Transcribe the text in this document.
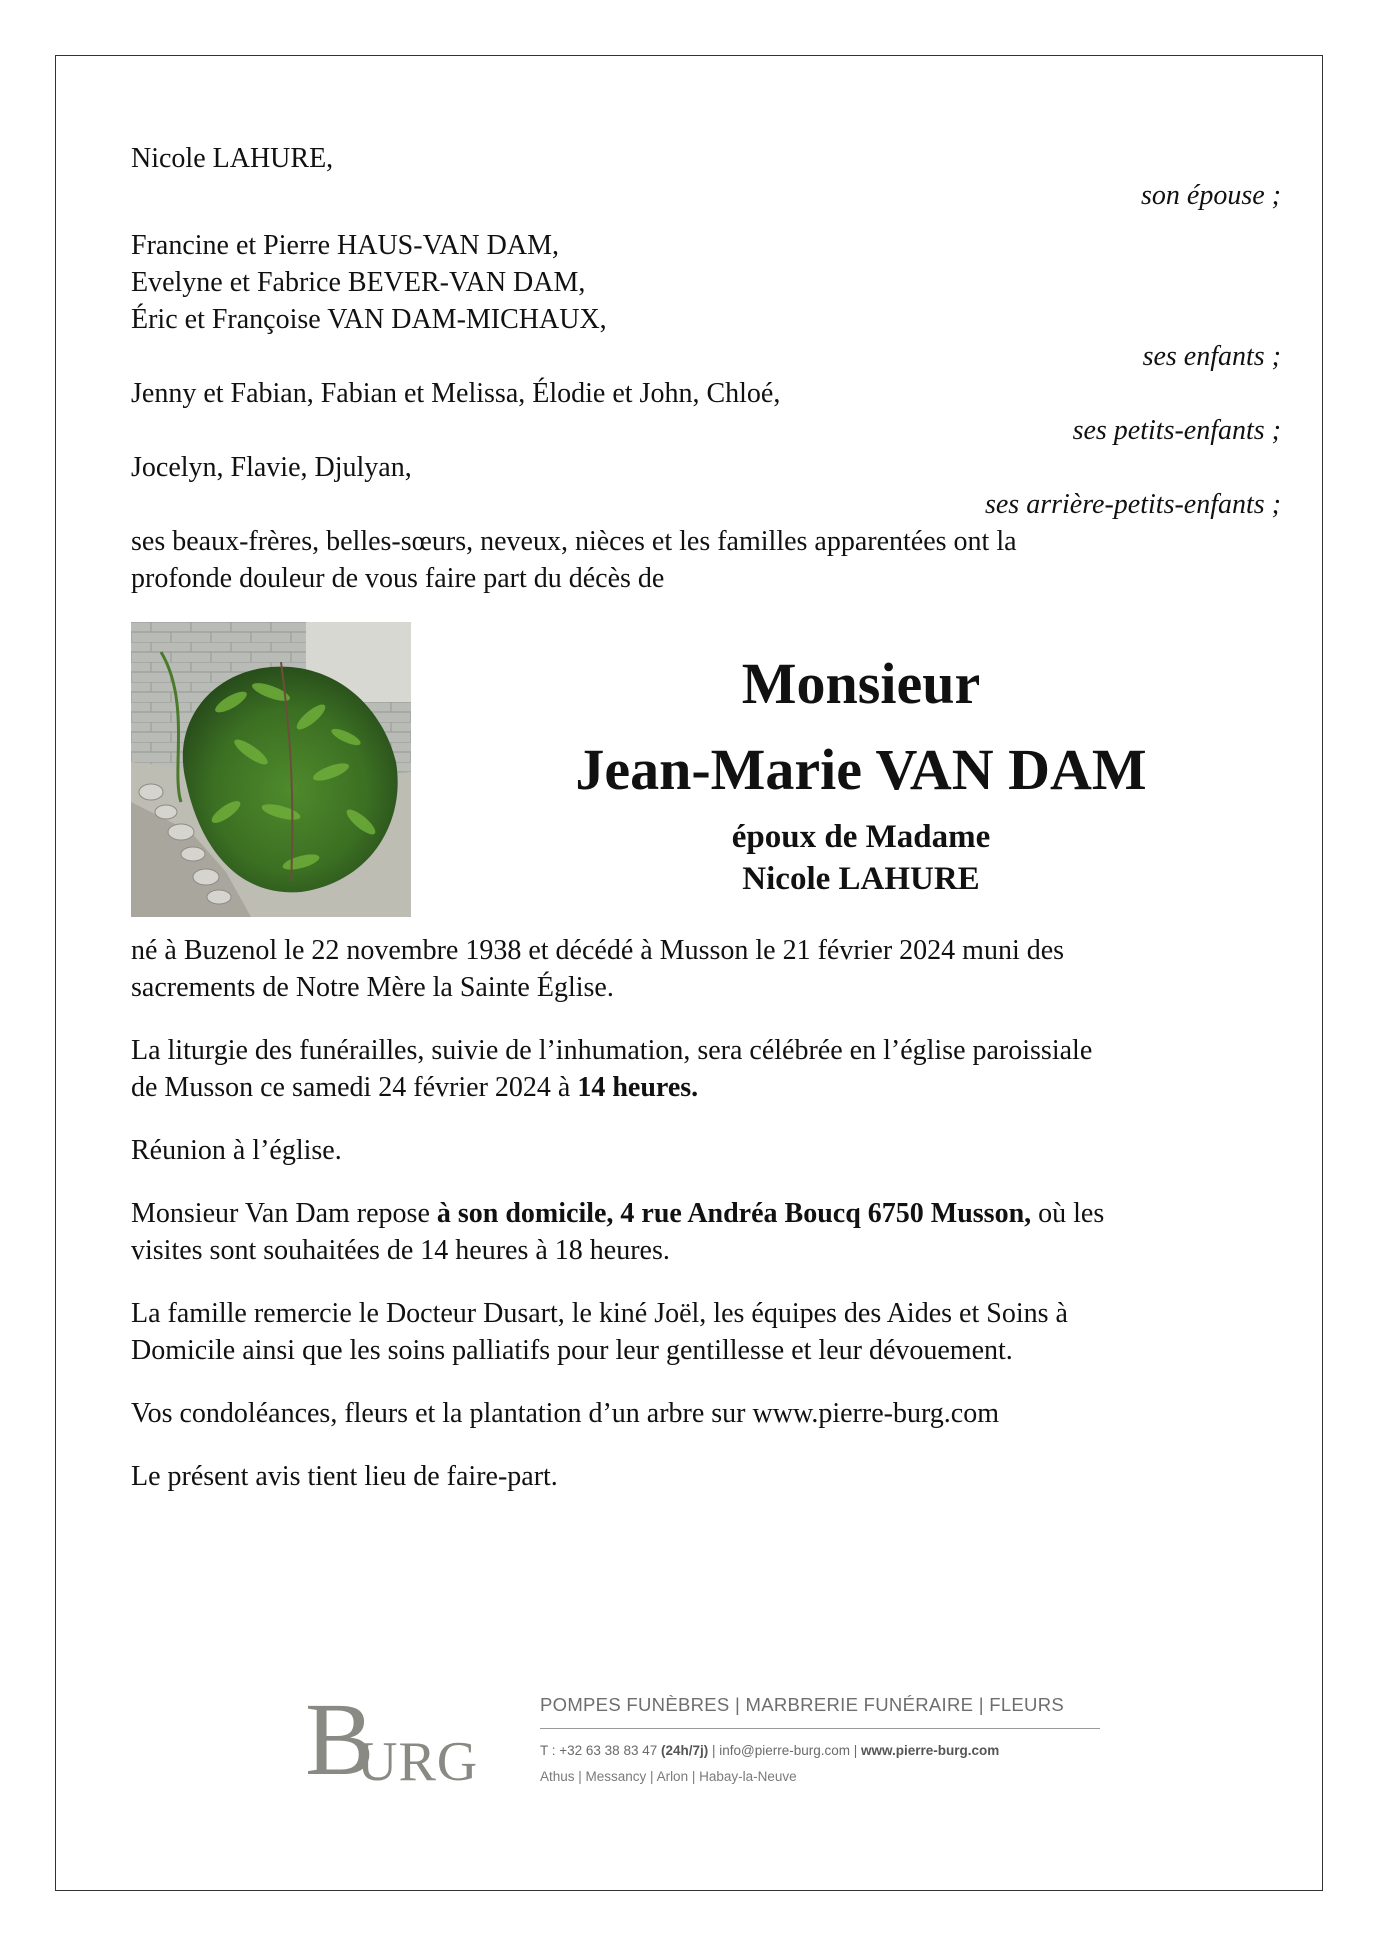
Nicole LAHURE,
son épouse ;
Francine et Pierre HAUS-VAN DAM,
Evelyne et Fabrice BEVER-VAN DAM,
Éric et Françoise VAN DAM-MICHAUX,
ses enfants ;
Jenny et Fabian, Fabian et Melissa, Élodie et John, Chloé,
ses petits-enfants ;
Jocelyn, Flavie, Djulyan,
ses arrière-petits-enfants ;
ses beaux-frères, belles-sœurs, neveux, nièces et les familles apparentées ont la
profonde douleur de vous faire part du décès de
Monsieur
Jean-Marie VAN DAM
époux de Madame
Nicole LAHURE
né à Buzenol le 22 novembre 1938 et décédé à Musson le 21 février 2024 muni des
sacrements de Notre Mère la Sainte Église.
La liturgie des funérailles, suivie de l’inhumation, sera célébrée en l’église paroissiale
de Musson ce samedi 24 février 2024 à 14 heures.
Réunion à l’église.
Monsieur Van Dam repose à son domicile, 4 rue Andréa Boucq 6750 Musson, où les
visites sont souhaitées de 14 heures à 18 heures.
La famille remercie le Docteur Dusart, le kiné Joël, les équipes des Aides et Soins à
Domicile ainsi que les soins palliatifs pour leur gentillesse et leur dévouement.
Vos condoléances, fleurs et la plantation d’un arbre sur www.pierre-burg.com
Le présent avis tient lieu de faire-part.
B
URG
POMPES FUNÈBRES | MARBRERIE FUNÉRAIRE | FLEURS
T : +32 63 38 83 47 (24h/7j) | info@pierre-burg.com | www.pierre-burg.com
Athus | Messancy | Arlon | Habay-la-Neuve
